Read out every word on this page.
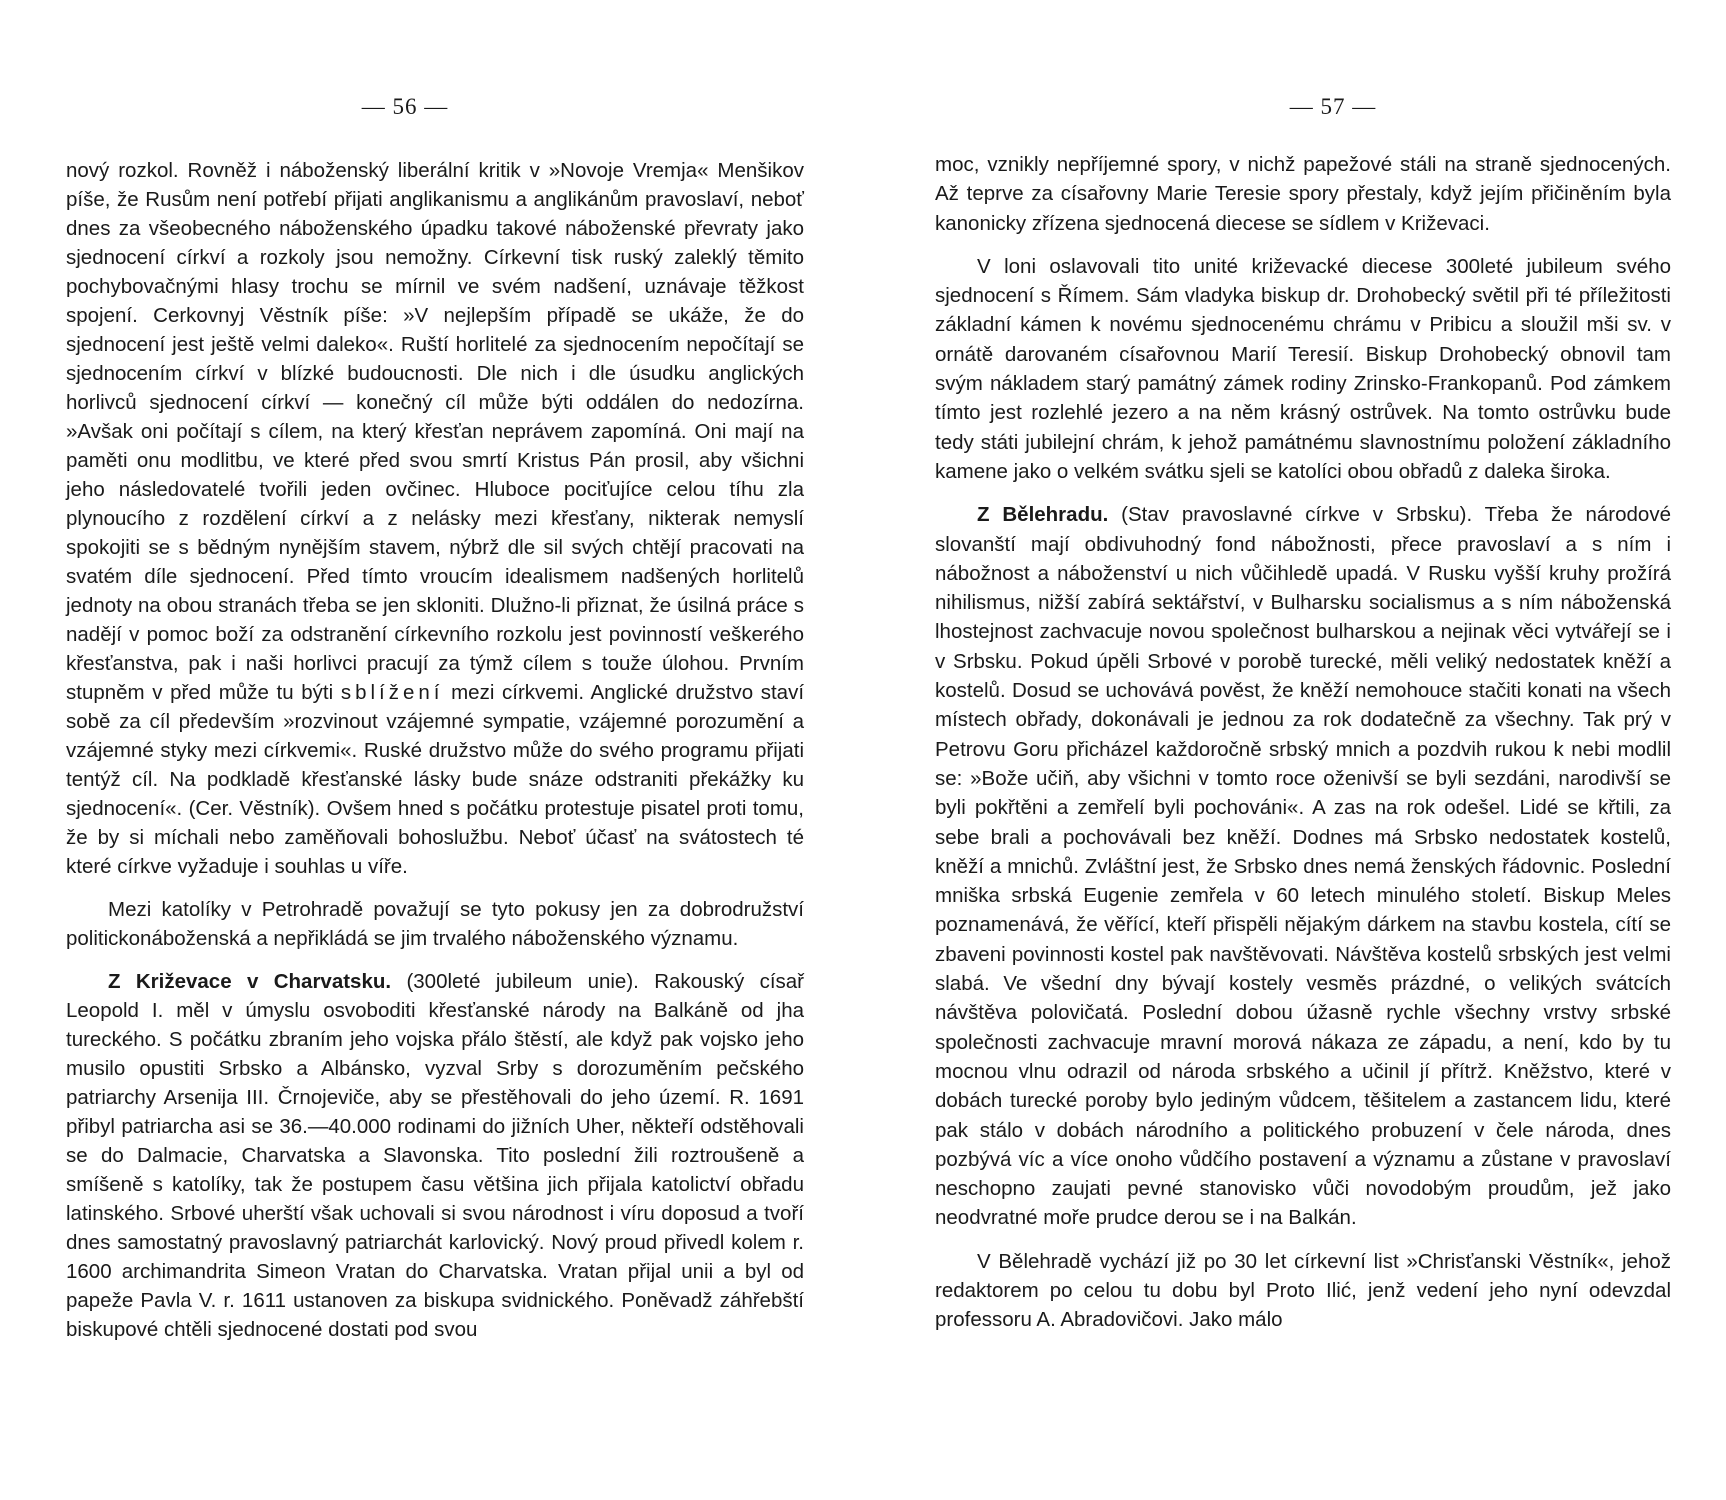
— 56 —

nový rozkol. Rovněž i náboženský liberální kritik v »Novoje Vremja« Menšikov píše, že Rusům není potřebí přijati anglikanismu a anglikánům pravoslaví, neboť dnes za všeobecného náboženského úpadku takové náboženské převraty jako sjednocení církví a rozkoly jsou nemožny. Církevní tisk ruský zaleklý těmito pochybovačnými hlasy trochu se mírnil ve svém nadšení, uznávaje těžkost spojení. Cerkovnyj Věstník píše: »V nejlepším případě se ukáže, že do sjednocení jest ještě velmi daleko«. Ruští horlitelé za sjednocením nepočítají se sjednocením církví v blízké budoucnosti. Dle nich i dle úsudku anglických horlivců sjednocení církví — konečný cíl může býti oddálen do nedozírna. »Avšak oni počítají s cílem, na který křesťan neprávem zapomíná. Oni mají na paměti onu modlitbu, ve které před svou smrtí Kristus Pán prosil, aby všichni jeho následovatelé tvořili jeden ovčinec. Hluboce pociťujíce celou tíhu zla plynoucího z rozdělení církví a z nelásky mezi křesťany, nikterak nemyslí spokojiti se s bědným nynějším stavem, nýbrž dle sil svých chtějí pracovati na svatém díle sjednocení. Před tímto vroucím idealismem nadšených horlitelů jednoty na obou stranách třeba se jen skloniti. Dlužno-li přiznat, že úsilná práce s nadějí v pomoc boží za odstranění církevního rozkolu jest povinností veškerého křesťanstva, pak i naši horlivci pracují za týmž cílem s touže úlohou. Prvním stupněm v před může tu býti sblížení mezi církvemi. Anglické družstvo staví sobě za cíl především »rozvinout vzájemné sympatie, vzájemné porozumění a vzájemné styky mezi církvemi«. Ruské družstvo může do svého programu přijati tentýž cíl. Na podkladě křesťanské lásky bude snáze odstraniti překážky ku sjednocení«. (Cer. Věstník). Ovšem hned s počátku protestuje pisatel proti tomu, že by si míchali nebo zaměňovali bohoslužbu. Neboť účasť na svátostech té které církve vyžaduje i souhlas u víře.

Mezi katolíky v Petrohradě považují se tyto pokusy jen za dobrodružství politickonáboženská a nepřikládá se jim trvalého náboženského významu.

Z Križevace v Charvatsku. (300leté jubileum unie). Rakouský císař Leopold I. měl v úmyslu osvoboditi křesťanské národy na Balkáně od jha tureckého. S počátku zbraním jeho vojska přálo štěstí, ale když pak vojsko jeho musilo opustiti Srbsko a Albánsko, vyzval Srby s dorozuměním pečského patriarchy Arsenija III. Črnojeviče, aby se přestěhovali do jeho území. R. 1691 přibyl patriarcha asi se 36.—40.000 rodinami do jižních Uher, někteří odstěhovali se do Dalmacie, Charvatska a Slavonska. Tito poslední žili roztroušeně a smíšeně s katolíky, tak že postupem času většina jich přijala katolictví obřadu latinského. Srbové uherští však uchovali si svou národnost i víru doposud a tvoří dnes samostatný pravoslavný patriarchát karlovický. Nový proud přivedl kolem r. 1600 archimandrita Simeon Vratan do Charvatska. Vratan přijal unii a byl od papeže Pavla V. r. 1611 ustanoven za biskupa svidnického. Poněvadž záhřebští biskupové chtěli sjednocené dostati pod svou

— 57 —

moc, vznikly nepříjemné spory, v nichž papežové stáli na straně sjednocených. Až teprve za císařovny Marie Teresie spory přestaly, když jejím přičiněním byla kanonicky zřízena sjednocená diecese se sídlem v Križevaci.

V loni oslavovali tito unité križevacké diecese 300leté jubileum svého sjednocení s Římem. Sám vladyka biskup dr. Drohobecký světil při té příležitosti základní kámen k novému sjednocenému chrámu v Pribicu a sloužil mši sv. v ornátě darovaném císařovnou Marií Teresií. Biskup Drohobecký obnovil tam svým nákladem starý památný zámek rodiny Zrinsko-Frankopanů. Pod zámkem tímto jest rozlehlé jezero a na něm krásný ostrůvek. Na tomto ostrůvku bude tedy státi jubilejní chrám, k jehož památnému slavnostnímu položení základního kamene jako o velkém svátku sjeli se katolíci obou obřadů z daleka široka.

Z Bělehradu. (Stav pravoslavné církve v Srbsku). Třeba že národové slovanští mají obdivuhodný fond nábožnosti, přece pravoslaví a s ním i nábožnost a náboženství u nich vůčihledě upadá. V Rusku vyšší kruhy prožírá nihilismus, nižší zabírá sektářství, v Bulharsku socialismus a s ním náboženská lhostejnost zachvacuje novou společnost bulharskou a nejinak věci vytvářejí se i v Srbsku. Pokud úpěli Srbové v porobě turecké, měli veliký nedostatek kněží a kostelů. Dosud se uchovává pověst, že kněží nemohouce stačiti konati na všech místech obřady, dokonávali je jednou za rok dodatečně za všechny. Tak prý v Petrovu Goru přicházel každoročně srbský mnich a pozdvih rukou k nebi modlil se: »Bože učiň, aby všichni v tomto roce oženivší se byli sezdáni, narodivší se byli pokřtěni a zemřelí byli pochováni«. A zas na rok odešel. Lidé se křtili, za sebe brali a pochovávali bez kněží. Dodnes má Srbsko nedostatek kostelů, kněží a mnichů. Zvláštní jest, že Srbsko dnes nemá ženských řádovnic. Poslední mniška srbská Eugenie zemřela v 60 letech minulého století. Biskup Meles poznamenává, že věřící, kteří přispěli nějakým dárkem na stavbu kostela, cítí se zbaveni povinnosti kostel pak navštěvovati. Návštěva kostelů srbských jest velmi slabá. Ve všední dny bývají kostely vesměs prázdné, o velikých svátcích návštěva polovičatá. Poslední dobou úžasně rychle všechny vrstvy srbské společnosti zachvacuje mravní morová nákaza ze západu, a není, kdo by tu mocnou vlnu odrazil od národa srbského a učinil jí přítrž. Kněžstvo, které v dobách turecké poroby bylo jediným vůdcem, těšitelem a zastancem lidu, které pak stálo v dobách národního a politického probuzení v čele národa, dnes pozbývá víc a více onoho vůdčího postavení a významu a zůstane v pravoslaví neschopno zaujati pevné stanovisko vůči novodobým proudům, jež jako neodvratné moře prudce derou se i na Balkán.

V Bělehradě vychází již po 30 let církevní list »Chrisťanski Věstník«, jehož redaktorem po celou tu dobu byl Proto Ilić, jenž vedení jeho nyní odevzdal professoru A. Abradovičovi. Jako málo
